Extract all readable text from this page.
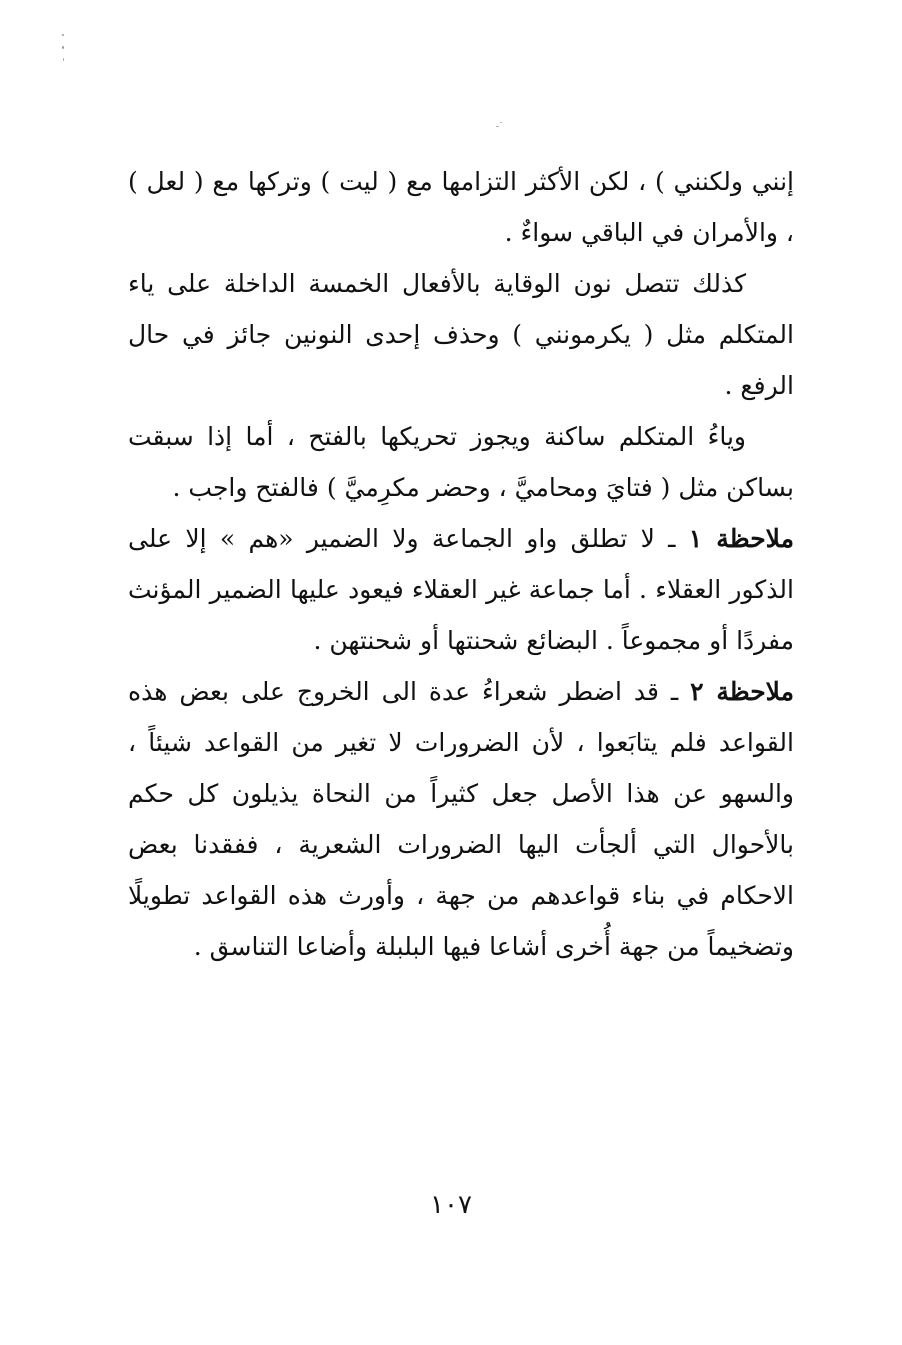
إنني ولكنني ) ، لكن الأكثر التزامها مع ( ليت ) وتركها مع ( لعل ) ، والأمران في الباقي سواءٌ .

كذلك تتصل نون الوقاية بالأفعال الخمسة الداخلة على ياء المتكلم مثل ( يكرمونني ) وحذف إحدى النونين جائز في حال الرفع .

وياءُ المتكلم ساكنة ويجوز تحريكها بالفتح ، أما إذا سبقت بساكن مثل ( فتايَ ومحاميَّ ، وحضر مكرِميَّ ) فالفتح واجب .

ملاحظة ١ ـ لا تطلق واو الجماعة ولا الضمير «هم » إلا على الذكور العقلاء . أما جماعة غير العقلاء فيعود عليها الضمير المؤنث مفردًا أو مجموعاً . البضائع شحنتها أو شحنتهن .

ملاحظة ٢ ـ قد اضطر شعراءُ عدة الى الخروج على بعض هذه القواعد فلم يتابَعوا ، لأن الضرورات لا تغير من القواعد شيئاً ، والسهو عن هذا الأصل جعل كثيراً من النحاة يذيلون كل حكم بالأحوال التي ألجأت اليها الضرورات الشعرية ، ففقدنا بعض الاحكام في بناء قواعدهم من جهة ، وأورث هذه القواعد تطويلًا وتضخيماً من جهة أُخرى أشاعا فيها البلبلة وأضاعا التناسق .

١٠٧
